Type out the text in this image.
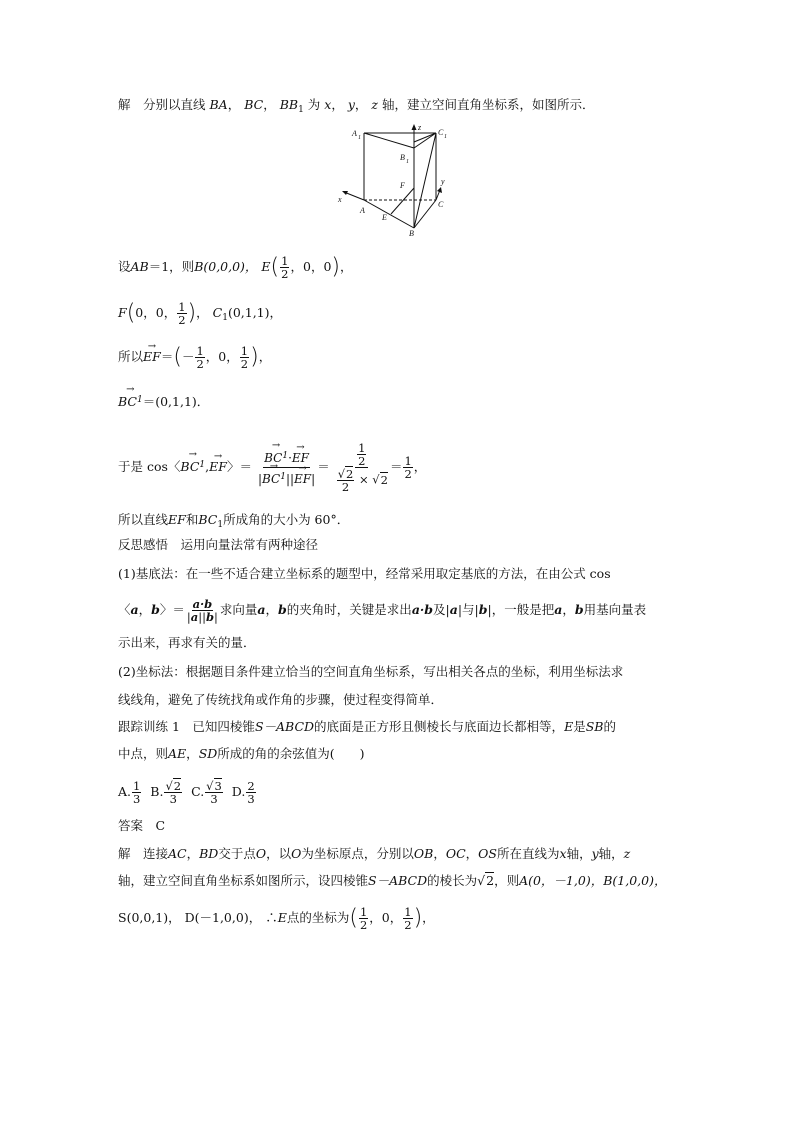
解　分别以直线 BA， BC， $BB_1$ 为 x， y， z 轴，建立空间直角坐标系，如图所示．
A 1
z
C 1
B 1
F	y
x
A
E
C
B
设AB＝1，则B(0,0,0)， $E( \frac{1}{2}$ ，0，0)，
F(0，0， $\frac{1}{2}$ )， $C_1(0,1,1)$，
所以→ $EF=(- \frac{1}{2}$ ，0， $\frac{1}{2}$ )，
→ $BC^1=(0,1,1)$．
于是 cos〈→ $BC^1,\to$ EF〉＝
→ $\frac{BC^1\cdot\to EF}{|\to BC^1||\to EF|} = \frac{\frac{1}{2}}{\frac{√2}{2} \times √2} = \frac{1}{2}$ ，
所以直线EF和$BC_1$所成角的大小为 60°．
反思感悟　运用向量法常有两种途径
(1)基底法：在一些不适合建立坐标系的题型中，经常采用取定基底的方法，在由公式 cos
〈a，b〉＝ $\frac{a\cdot b}{|a||b|}$ 求向量a，b的夹角时，关键是求出a·b及|a|与|b|，一般是把a，b用基向量表
示出来，再求有关的量．
(2)坐标法：根据题目条件建立恰当的空间直角坐标系，写出相关各点的坐标，利用坐标法求
线线角，避免了传统找角或作角的步骤，使过程变得简单．
跟踪训练 1　已知四棱锥S－ABCD的底面是正方形且侧棱长与底面边长都相等，E是SB的
中点，则AE，SD所成的角的余弦值为(　　)
A. $\frac{1}{3} B$. $\frac{√2}{3} C$. $\frac{√3}{3} D$. $\frac{2}{3}$
答案　C
解　连接AC，BD交于点O，以O为坐标原点，分别以OB，OC，OS所在直线为x轴，y轴，z
轴，建立空间直角坐标系如图所示，设四棱锥S－ABCD的棱长为√2，则A(0，－1,0)，B(1,0,0)，
S(0,0,1)， D(－1,0,0)， ∴E点的坐标为( $\frac{1}{2}$ ，0， $\frac{1}{2}$ )，
